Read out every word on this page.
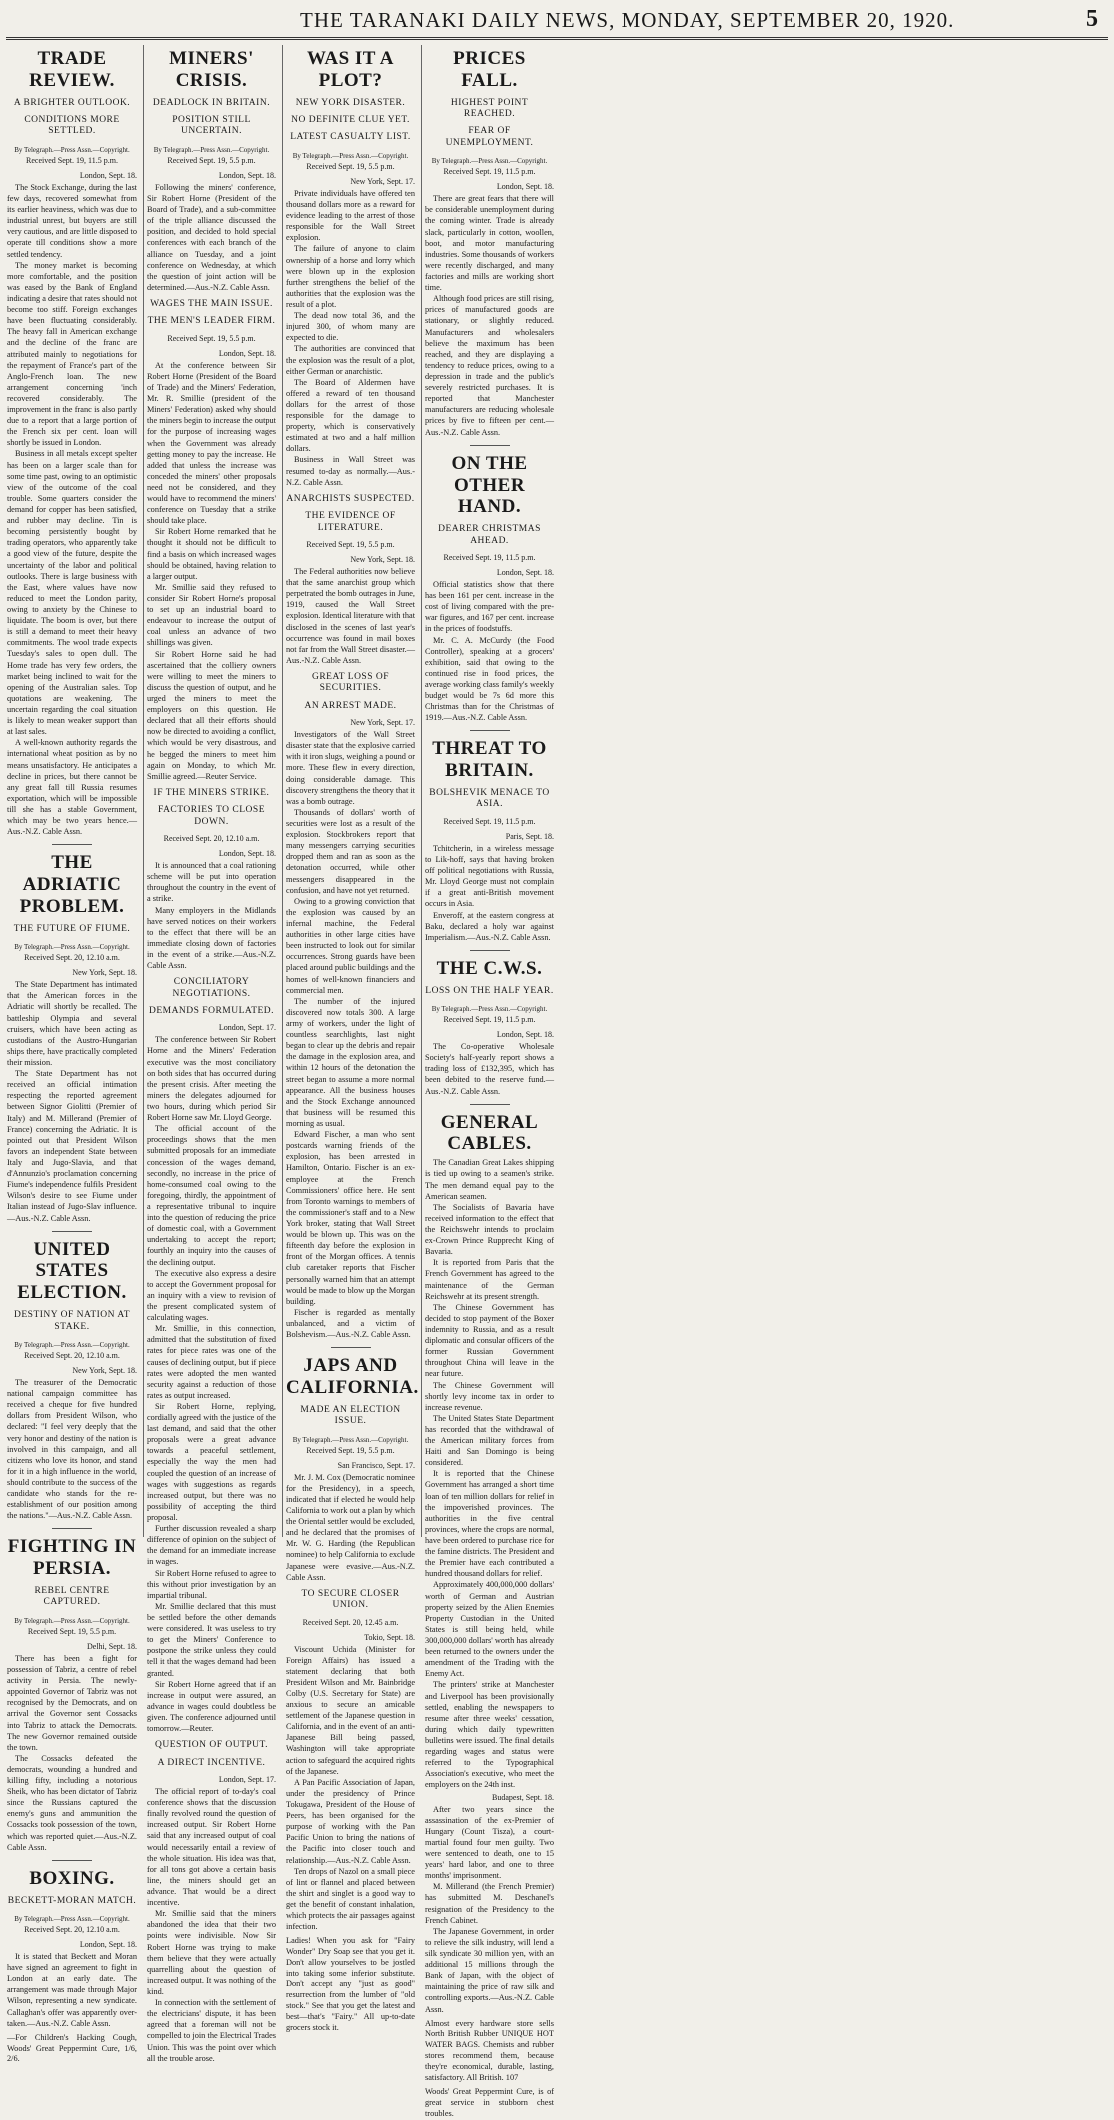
THE TARANAKI DAILY NEWS, MONDAY, SEPTEMBER 20, 1920.	5
TRADE REVIEW.
A BRIGHTER OUTLOOK.
CONDITIONS MORE SETTLED.
By Telegraph.—Press Assn.—Copyright.
Received Sept. 19, 11.5 p.m.
London, Sept. 18.
The Stock Exchange, during the last few days, recovered somewhat from its earlier heaviness, which was due to industrial unrest, but buyers are still very cautious, and are little disposed to operate till conditions show a more settled tendency.
The money market is becoming more comfortable, and the position was eased by the Bank of England indicating a desire that rates should not become too stiff. Foreign exchanges have been fluctuating considerably. The heavy fall in American exchange and the decline of the franc are attributed mainly to negotiations for the repayment of France's part of the Anglo-French loan. The new arrangement concerning 'inch recovered considerably. The improvement in the franc is also partly due to a report that a large portion of the French six per cent. loan will shortly be issued in London.
Business in all metals except spelter has been on a larger scale than for some time past, owing to an optimistic view of the outcome of the coal trouble. Some quarters consider the demand for copper has been satisfied, and rubber may decline. Tin is becoming persistently bought by trading operators, who apparently take a good view of the future, despite the uncertainty of the labor and political outlooks. There is large business with the East, where values have now reduced to meet the London parity, owing to anxiety by the Chinese to liquidate. The boom is over, but there is still a demand to meet their heavy commitments. The wool trade expects Tuesday's sales to open dull. The Home trade has very few orders, the market being inclined to wait for the opening of the Australian sales. Top quotations are weakening. The uncertain regarding the coal situation is likely to mean weaker support than at last sales.
A well-known authority regards the international wheat position as by no means unsatisfactory. He anticipates a decline in prices, but there cannot be any great fall till Russia resumes exportation, which will be impossible till she has a stable Government, which may be two years hence.—Aus.-N.Z. Cable Assn.
THE ADRIATIC PROBLEM.
THE FUTURE OF FIUME.
By Telegraph.—Press Assn.—Copyright.
Received Sept. 20, 12.10 a.m.
New York, Sept. 18.
The State Department has intimated that the American forces in the Adriatic will shortly be recalled. The battleship Olympia and several cruisers, which have been acting as custodians of the Austro-Hungarian ships there, have practically completed their mission.
The State Department has not received an official intimation respecting the reported agreement between Signor Giolitti (Premier of Italy) and M. Millerand (Premier of France) concerning the Adriatic. It is pointed out that President Wilson favors an independent State between Italy and Jugo-Slavia, and that d'Annunzio's proclamation concerning Fiume's independence fulfils President Wilson's desire to see Fiume under Italian instead of Jugo-Slav influence.—Aus.-N.Z. Cable Assn.
UNITED STATES ELECTION.
DESTINY OF NATION AT STAKE.
By Telegraph.—Press Assn.—Copyright.
Received Sept. 20, 12.10 a.m.
New York, Sept. 18.
The treasurer of the Democratic national campaign committee has received a cheque for five hundred dollars from President Wilson, who declared: "I feel very deeply that the very honor and destiny of the nation is involved in this campaign, and all citizens who love its honor, and stand for it in a high influence in the world, should contribute to the success of the candidate who stands for the re-establishment of our position among the nations."—Aus.-N.Z. Cable Assn.
FIGHTING IN PERSIA.
REBEL CENTRE CAPTURED.
By Telegraph.—Press Assn.—Copyright.
Received Sept. 19, 5.5 p.m.
Delhi, Sept. 18.
There has been a fight for possession of Tabriz, a centre of rebel activity in Persia. The newly-appointed Governor of Tabriz was not recognised by the Democrats, and on arrival the Governor sent Cossacks into Tabriz to attack the Democrats. The new Governor remained outside the town.
The Cossacks defeated the democrats, wounding a hundred and killing fifty, including a notorious Sheik, who has been dictator of Tabriz since the Russians captured the enemy's guns and ammunition the Cossacks took possession of the town, which was reported quiet.—Aus.-N.Z. Cable Assn.
BOXING.
BECKETT-MORAN MATCH.
By Telegraph.—Press Assn.—Copyright.
Received Sept. 20, 12.10 a.m.
London, Sept. 18.
It is stated that Beckett and Moran have signed an agreement to fight in London at an early date. The arrangement was made through Major Wilson, representing a new syndicate. Callaghan's offer was apparently over-taken.—Aus.-N.Z. Cable Assn.
—For Children's Hacking Cough, Woods' Great Peppermint Cure, 1/6, 2/6.
MINERS' CRISIS.
DEADLOCK IN BRITAIN.
POSITION STILL UNCERTAIN.
By Telegraph.—Press Assn.—Copyright.
Received Sept. 19, 5.5 p.m.
London, Sept. 18.
Following the miners' conference, Sir Robert Horne (President of the Board of Trade), and a sub-committee of the triple alliance discussed the position, and decided to hold special conferences with each branch of the alliance on Tuesday, and a joint conference on Wednesday, at which the question of joint action will be determined.—Aus.-N.Z. Cable Assn.
WAGES THE MAIN ISSUE.
THE MEN'S LEADER FIRM.
Received Sept. 19, 5.5 p.m.
London, Sept. 18.
At the conference between Sir Robert Horne (President of the Board of Trade) and the Miners' Federation, Mr. R. Smillie (president of the Miners' Federation) asked why should the miners begin to increase the output for the purpose of increasing wages when the Government was already getting money to pay the increase. He added that unless the increase was conceded the miners' other proposals need not be considered, and they would have to recommend the miners' conference on Tuesday that a strike should take place.
Sir Robert Horne remarked that he thought it should not be difficult to find a basis on which increased wages should be obtained, having relation to a larger output.
Mr. Smillie said they refused to consider Sir Robert Horne's proposal to set up an industrial board to endeavour to increase the output of coal unless an advance of two shillings was given.
Sir Robert Horne said he had ascertained that the colliery owners were willing to meet the miners to discuss the question of output, and he urged the miners to meet the employers on this question. He declared that all their efforts should now be directed to avoiding a conflict, which would be very disastrous, and he begged the miners to meet him again on Monday, to which Mr. Smillie agreed.—Reuter Service.
IF THE MINERS STRIKE.
FACTORIES TO CLOSE DOWN.
Received Sept. 20, 12.10 a.m.
London, Sept. 18.
It is announced that a coal rationing scheme will be put into operation throughout the country in the event of a strike.
Many employers in the Midlands have served notices on their workers to the effect that there will be an immediate closing down of factories in the event of a strike.—Aus.-N.Z. Cable Assn.
CONCILIATORY NEGOTIATIONS.
DEMANDS FORMULATED.
London, Sept. 17.
The conference between Sir Robert Horne and the Miners' Federation executive was the most conciliatory on both sides that has occurred during the present crisis. After meeting the miners the delegates adjourned for two hours, during which period Sir Robert Horne saw Mr. Lloyd George.
The official account of the proceedings shows that the men submitted proposals for an immediate concession of the wages demand, secondly, no increase in the price of home-consumed coal owing to the foregoing, thirdly, the appointment of a representative tribunal to inquire into the question of reducing the price of domestic coal, with a Government undertaking to accept the report; fourthly an inquiry into the causes of the declining output.
The executive also express a desire to accept the Government proposal for an inquiry with a view to revision of the present complicated system of calculating wages.
Mr. Smillie, in this connection, admitted that the substitution of fixed rates for piece rates was one of the causes of declining output, but if piece rates were adopted the men wanted security against a reduction of those rates as output increased.
Sir Robert Horne, replying, cordially agreed with the justice of the last demand, and said that the other proposals were a great advance towards a peaceful settlement, especially the way the men had coupled the question of an increase of wages with suggestions as regards increased output, but there was no possibility of accepting the third proposal.
Further discussion revealed a sharp difference of opinion on the subject of the demand for an immediate increase in wages.
Sir Robert Horne refused to agree to this without prior investigation by an impartial tribunal.
Mr. Smillie declared that this must be settled before the other demands were considered. It was useless to try to get the Miners' Conference to postpone the strike unless they could tell it that the wages demand had been granted.
Sir Robert Horne agreed that if an increase in output were assured, an advance in wages could doubtless be given. The conference adjourned until tomorrow.—Reuter.
QUESTION OF OUTPUT.
A DIRECT INCENTIVE.
London, Sept. 17.
The official report of to-day's coal conference shows that the discussion finally revolved round the question of increased output. Sir Robert Horne said that any increased output of coal would necessarily entail a review of the whole situation. His idea was that, for all tons got above a certain basis line, the miners should get an advance. That would be a direct incentive.
Mr. Smillie said that the miners abandoned the idea that their two points were indivisible. Now Sir Robert Horne was trying to make them believe that they were actually quarrelling about the question of increased output. It was nothing of the kind.
In connection with the settlement of the electricians' dispute, it has been agreed that a foreman will not be compelled to join the Electrical Trades Union. This was the point over which all the trouble arose.
WAS IT A PLOT?
NEW YORK DISASTER.
NO DEFINITE CLUE YET.
LATEST CASUALTY LIST.
By Telegraph.—Press Assn.—Copyright.
Received Sept. 19, 5.5 p.m.
New York, Sept. 17.
Private individuals have offered ten thousand dollars more as a reward for evidence leading to the arrest of those responsible for the Wall Street explosion.
The failure of anyone to claim ownership of a horse and lorry which were blown up in the explosion further strengthens the belief of the authorities that the explosion was the result of a plot.
The dead now total 36, and the injured 300, of whom many are expected to die.
The authorities are convinced that the explosion was the result of a plot, either German or anarchistic.
The Board of Aldermen have offered a reward of ten thousand dollars for the arrest of those responsible for the damage to property, which is conservatively estimated at two and a half million dollars.
Business in Wall Street was resumed to-day as normally.—Aus.-N.Z. Cable Assn.
ANARCHISTS SUSPECTED.
THE EVIDENCE OF LITERATURE.
Received Sept. 19, 5.5 p.m.
New York, Sept. 18.
The Federal authorities now believe that the same anarchist group which perpetrated the bomb outrages in June, 1919, caused the Wall Street explosion. Identical literature with that disclosed in the scenes of last year's occurrence was found in mail boxes not far from the Wall Street disaster.—Aus.-N.Z. Cable Assn.
GREAT LOSS OF SECURITIES.
AN ARREST MADE.
New York, Sept. 17.
Investigators of the Wall Street disaster state that the explosive carried with it iron slugs, weighing a pound or more. These flew in every direction, doing considerable damage. This discovery strengthens the theory that it was a bomb outrage.
Thousands of dollars' worth of securities were lost as a result of the explosion. Stockbrokers report that many messengers carrying securities dropped them and ran as soon as the detonation occurred, while other messengers disappeared in the confusion, and have not yet returned.
Owing to a growing conviction that the explosion was caused by an infernal machine, the Federal authorities in other large cities have been instructed to look out for similar occurrences. Strong guards have been placed around public buildings and the homes of well-known financiers and commercial men.
The number of the injured discovered now totals 300. A large army of workers, under the light of countless searchlights, last night began to clear up the debris and repair the damage in the explosion area, and within 12 hours of the detonation the street began to assume a more normal appearance. All the business houses and the Stock Exchange announced that business will be resumed this morning as usual.
Edward Fischer, a man who sent postcards warning friends of the explosion, has been arrested in Hamilton, Ontario. Fischer is an ex-employee at the French Commissioners' office here. He sent from Toronto warnings to members of the commissioner's staff and to a New York broker, stating that Wall Street would be blown up. This was on the fifteenth day before the explosion in front of the Morgan offices. A tennis club caretaker reports that Fischer personally warned him that an attempt would be made to blow up the Morgan building.
Fischer is regarded as mentally unbalanced, and a victim of Bolshevism.—Aus.-N.Z. Cable Assn.
JAPS AND CALIFORNIA.
MADE AN ELECTION ISSUE.
By Telegraph.—Press Assn.—Copyright.
Received Sept. 19, 5.5 p.m.
San Francisco, Sept. 17.
Mr. J. M. Cox (Democratic nominee for the Presidency), in a speech, indicated that if elected he would help California to work out a plan by which the Oriental settler would be excluded, and he declared that the promises of Mr. W. G. Harding (the Republican nominee) to help California to exclude Japanese were evasive.—Aus.-N.Z. Cable Assn.
TO SECURE CLOSER UNION.
Received Sept. 20, 12.45 a.m.
Tokio, Sept. 18.
Viscount Uchida (Minister for Foreign Affairs) has issued a statement declaring that both President Wilson and Mr. Bainbridge Colby (U.S. Secretary for State) are anxious to secure an amicable settlement of the Japanese question in California, and in the event of an anti-Japanese Bill being passed, Washington will take appropriate action to safeguard the acquired rights of the Japanese.
A Pan Pacific Association of Japan, under the presidency of Prince Tokugawa, President of the House of Peers, has been organised for the purpose of working with the Pan Pacific Union to bring the nations of the Pacific into closer touch and relationship.—Aus.-N.Z. Cable Assn.
Ten drops of Nazol on a small piece of lint or flannel and placed between the shirt and singlet is a good way to get the benefit of constant inhalation, which protects the air passages against infection.
Ladies! When you ask for "Fairy Wonder" Dry Soap see that you get it. Don't allow yourselves to be jostled into taking some inferior substitute. Don't accept any "just as good" resurrection from the lumber of "old stock." See that you get the latest and best—that's "Fairy." All up-to-date grocers stock it.
PRICES FALL.
HIGHEST POINT REACHED.
FEAR OF UNEMPLOYMENT.
By Telegraph.—Press Assn.—Copyright.
Received Sept. 19, 11.5 p.m.
London, Sept. 18.
There are great fears that there will be considerable unemployment during the coming winter. Trade is already slack, particularly in cotton, woollen, boot, and motor manufacturing industries. Some thousands of workers were recently discharged, and many factories and mills are working short time.
Although food prices are still rising, prices of manufactured goods are stationary, or slightly reduced. Manufacturers and wholesalers believe the maximum has been reached, and they are displaying a tendency to reduce prices, owing to a depression in trade and the public's severely restricted purchases. It is reported that Manchester manufacturers are reducing wholesale prices by five to fifteen per cent.—Aus.-N.Z. Cable Assn.
ON THE OTHER HAND.
DEARER CHRISTMAS AHEAD.
Received Sept. 19, 11.5 p.m.
London, Sept. 18.
Official statistics show that there has been 161 per cent. increase in the cost of living compared with the pre-war figures, and 167 per cent. increase in the prices of foodstuffs.
Mr. C. A. McCurdy (the Food Controller), speaking at a grocers' exhibition, said that owing to the continued rise in food prices, the average working class family's weekly budget would be 7s 6d more this Christmas than for the Christmas of 1919.—Aus.-N.Z. Cable Assn.
THREAT TO BRITAIN.
BOLSHEVIK MENACE TO ASIA.
Received Sept. 19, 11.5 p.m.
Paris, Sept. 18.
Tchitcherin, in a wireless message to Lik-hoff, says that having broken off political negotiations with Russia, Mr. Lloyd George must not complain if a great anti-British movement occurs in Asia.
Enveroff, at the eastern congress at Baku, declared a holy war against Imperialism.—Aus.-N.Z. Cable Assn.
THE C.W.S.
LOSS ON THE HALF YEAR.
By Telegraph.—Press Assn.—Copyright.
Received Sept. 19, 11.5 p.m.
London, Sept. 18.
The Co-operative Wholesale Society's half-yearly report shows a trading loss of £132,395, which has been debited to the reserve fund.—Aus.-N.Z. Cable Assn.
GENERAL CABLES.
The Canadian Great Lakes shipping is tied up owing to a seamen's strike. The men demand equal pay to the American seamen.
The Socialists of Bavaria have received information to the effect that the Reichswehr intends to proclaim ex-Crown Prince Rupprecht King of Bavaria.
It is reported from Paris that the French Government has agreed to the maintenance of the German Reichswehr at its present strength.
The Chinese Government has decided to stop payment of the Boxer indemnity to Russia, and as a result diplomatic and consular officers of the former Russian Government throughout China will leave in the near future.
The Chinese Government will shortly levy income tax in order to increase revenue.
The United States State Department has recorded that the withdrawal of the American military forces from Haiti and San Domingo is being considered.
It is reported that the Chinese Government has arranged a short time loan of ten million dollars for relief in the impoverished provinces. The authorities in the five central provinces, where the crops are normal, have been ordered to purchase rice for the famine districts. The President and the Premier have each contributed a hundred thousand dollars for relief.
Approximately 400,000,000 dollars' worth of German and Austrian property seized by the Alien Enemies Property Custodian in the United States is still being held, while 300,000,000 dollars' worth has already been returned to the owners under the amendment of the Trading with the Enemy Act.
The printers' strike at Manchester and Liverpool has been provisionally settled, enabling the newspapers to resume after three weeks' cessation, during which daily typewritten bulletins were issued. The final details regarding wages and status were referred to the Typographical Association's executive, who meet the employers on the 24th inst.
Budapest, Sept. 18.
After two years since the assassination of the ex-Premier of Hungary (Count Tisza), a court-martial found four men guilty. Two were sentenced to death, one to 15 years' hard labor, and one to three months' imprisonment.
M. Millerand (the French Premier) has submitted M. Deschanel's resignation of the Presidency to the French Cabinet.
The Japanese Government, in order to relieve the silk industry, will lend a silk syndicate 30 million yen, with an additional 15 millions through the Bank of Japan, with the object of maintaining the price of raw silk and controlling exports.—Aus.-N.Z. Cable Assn.
Almost every hardware store sells North British Rubber UNIQUE HOT WATER BAGS. Chemists and rubber stores recommend them, because they're economical, durable, lasting, satisfactory. All British. 107
Woods' Great Peppermint Cure, is of great service in stubborn chest troubles.
